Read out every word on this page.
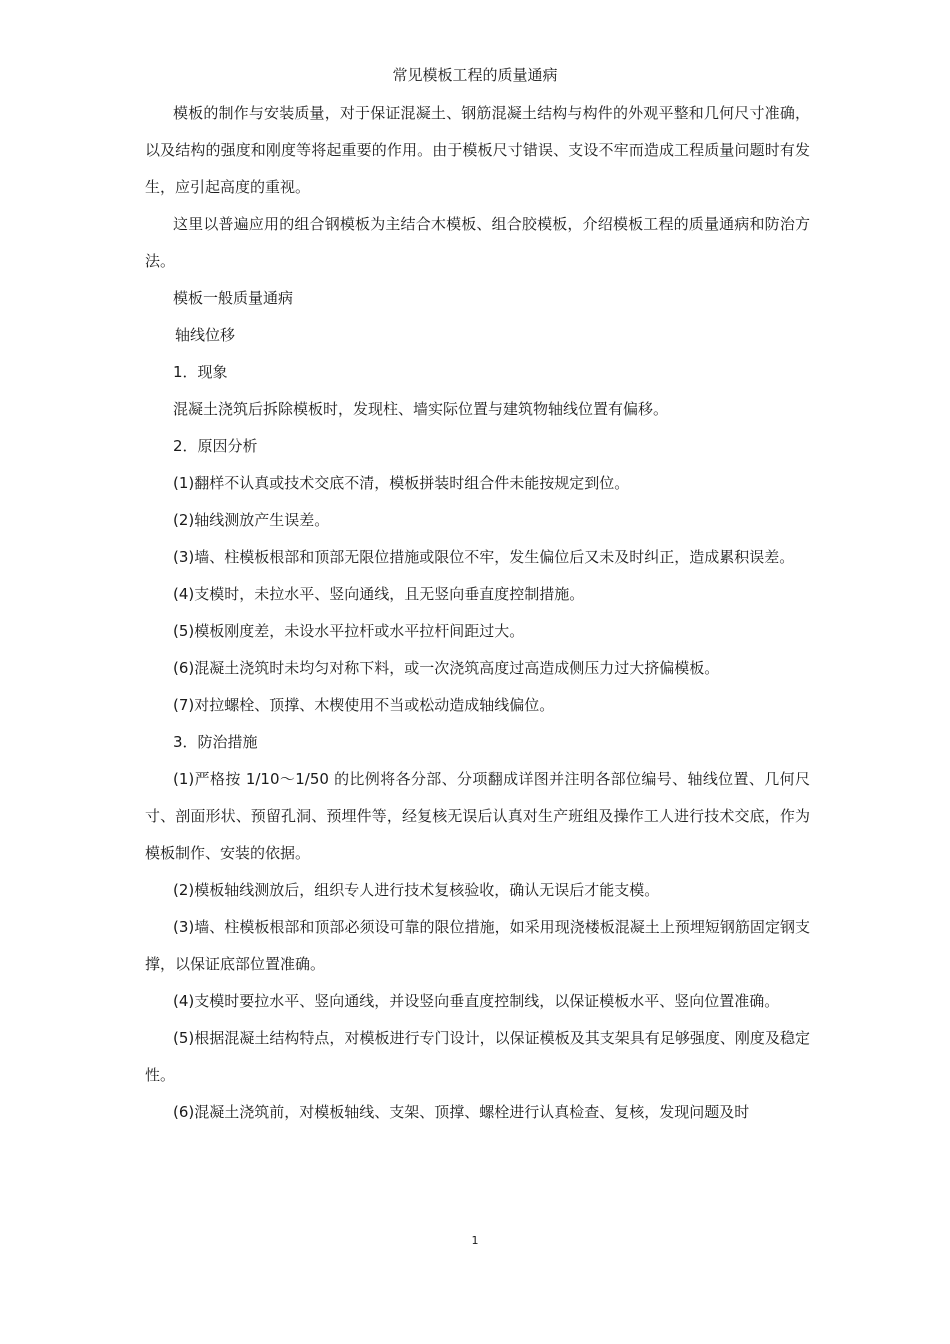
常见模板工程的质量通病

模板的制作与安装质量，对于保证混凝土、钢筋混凝土结构与构件的外观平整和几何尺寸准确，以及结构的强度和刚度等将起重要的作用。由于模板尺寸错误、支设不牢而造成工程质量问题时有发生，应引起高度的重视。

这里以普遍应用的组合钢模板为主结合木模板、组合胶模板，介绍模板工程的质量通病和防治方法。

模板一般质量通病

轴线位移

1．现象

混凝土浇筑后拆除模板时，发现柱、墙实际位置与建筑物轴线位置有偏移。

2．原因分析

(1)翻样不认真或技术交底不清，模板拼装时组合件未能按规定到位。

(2)轴线测放产生误差。

(3)墙、柱模板根部和顶部无限位措施或限位不牢，发生偏位后又未及时纠正，造成累积误差。

(4)支模时，未拉水平、竖向通线，且无竖向垂直度控制措施。

(5)模板刚度差，未设水平拉杆或水平拉杆间距过大。

(6)混凝土浇筑时未均匀对称下料，或一次浇筑高度过高造成侧压力过大挤偏模板。

(7)对拉螺栓、顶撑、木楔使用不当或松动造成轴线偏位。

3．防治措施

(1)严格按 1/10～1/50 的比例将各分部、分项翻成详图并注明各部位编号、轴线位置、几何尺寸、剖面形状、预留孔洞、预埋件等，经复核无误后认真对生产班组及操作工人进行技术交底，作为模板制作、安装的依据。

(2)模板轴线测放后，组织专人进行技术复核验收，确认无误后才能支模。

(3)墙、柱模板根部和顶部必须设可靠的限位措施，如采用现浇楼板混凝土上预埋短钢筋固定钢支撑，以保证底部位置准确。

(4)支模时要拉水平、竖向通线，并设竖向垂直度控制线，以保证模板水平、竖向位置准确。

(5)根据混凝土结构特点，对模板进行专门设计，以保证模板及其支架具有足够强度、刚度及稳定性。

(6)混凝土浇筑前，对模板轴线、支架、顶撑、螺栓进行认真检查、复核，发现问题及时

1
